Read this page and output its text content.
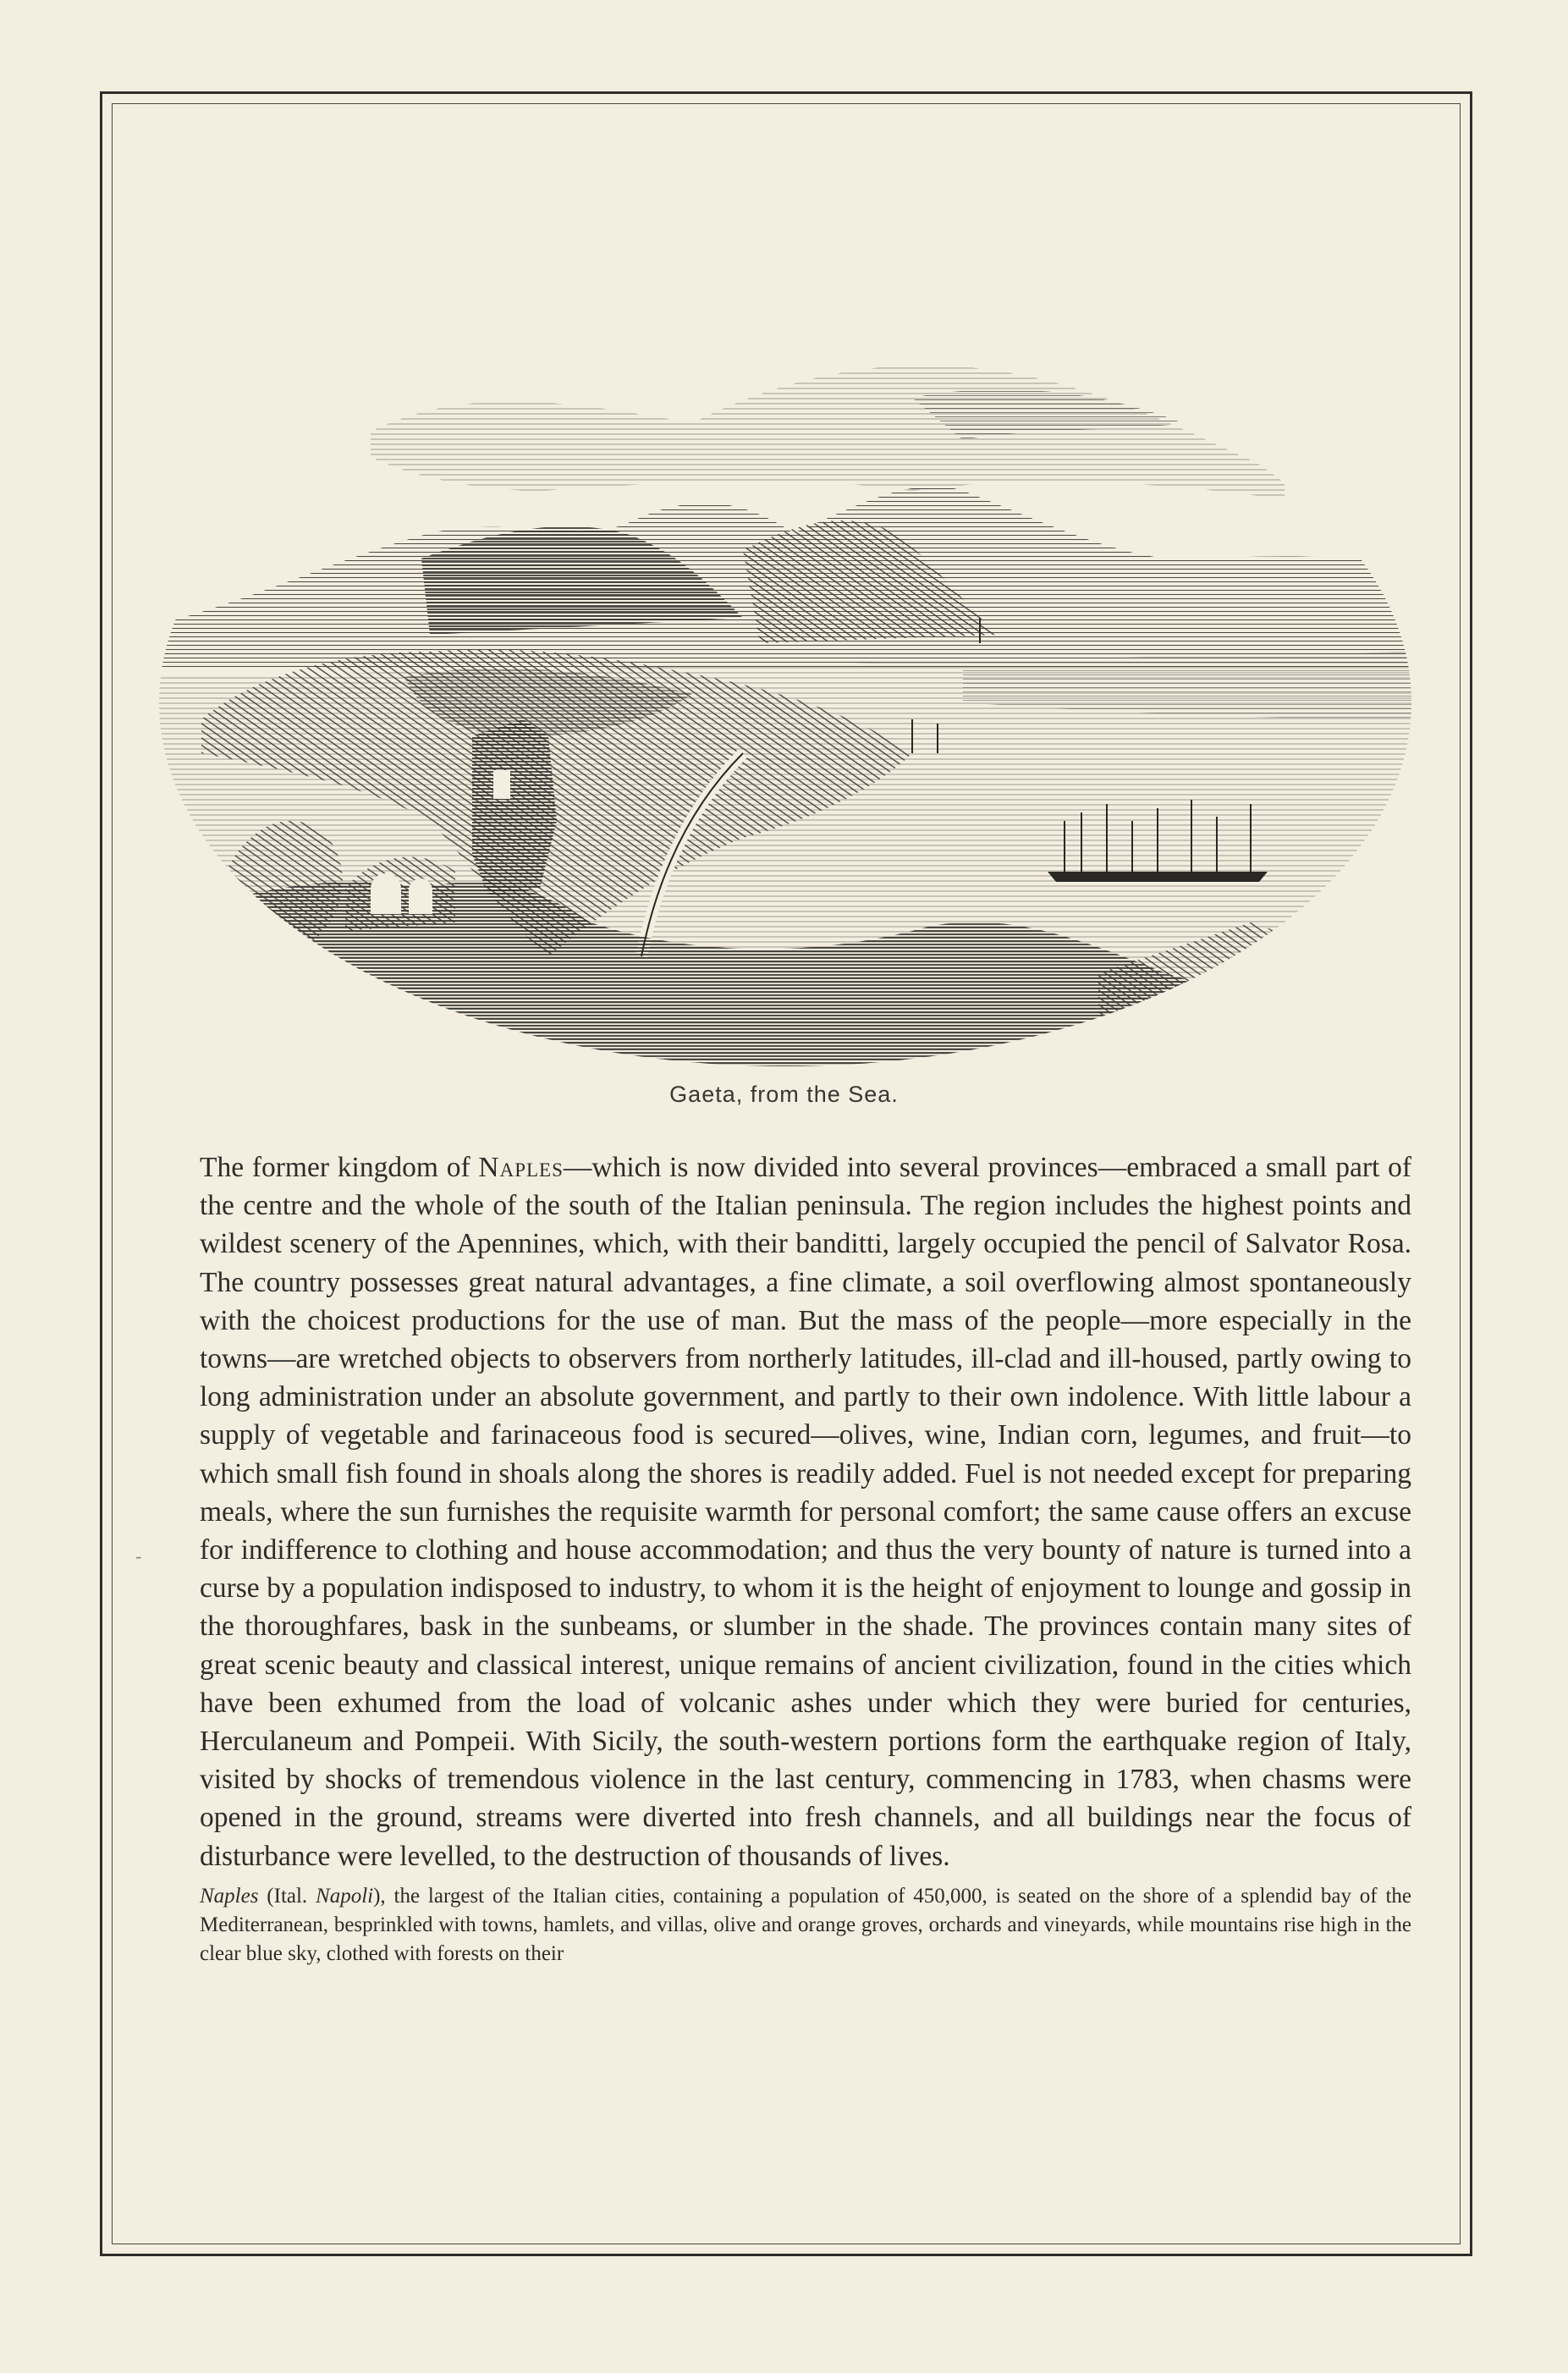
Gaeta, from the Sea.
The former kingdom of Naples—which is now divided into several provinces—embraced a small part of the centre and the whole of the south of the Italian peninsula. The region includes the highest points and wildest scenery of the Apennines, which, with their banditti, largely occupied the pencil of Salvator Rosa. The country possesses great natural advantages, a fine climate, a soil overflowing almost spontaneously with the choicest productions for the use of man. But the mass of the people—more especially in the towns—are wretched objects to observers from northerly latitudes, ill-clad and ill-housed, partly owing to long administration under an absolute government, and partly to their own indolence. With little labour a supply of vegetable and farinaceous food is secured—olives, wine, Indian corn, legumes, and fruit—to which small fish found in shoals along the shores is readily added. Fuel is not needed except for preparing meals, where the sun furnishes the requisite warmth for personal comfort; the same cause offers an excuse for indifference to clothing and house accommodation; and thus the very bounty of nature is turned into a curse by a population indisposed to industry, to whom it is the height of enjoyment to lounge and gossip in the thoroughfares, bask in the sunbeams, or slumber in the shade. The provinces contain many sites of great scenic beauty and classical interest, unique remains of ancient civilization, found in the cities which have been exhumed from the load of volcanic ashes under which they were buried for centuries, Herculaneum and Pompeii. With Sicily, the south-western portions form the earthquake region of Italy, visited by shocks of tremendous violence in the last century, commencing in 1783, when chasms were opened in the ground, streams were diverted into fresh channels, and all buildings near the focus of disturbance were levelled, to the destruction of thousands of lives.
-
Naples (Ital. Napoli), the largest of the Italian cities, containing a population of 450,000, is seated on the shore of a splendid bay of the Mediterranean, besprinkled with towns, hamlets, and villas, olive and orange groves, orchards and vineyards, while mountains rise high in the clear blue sky, clothed with forests on their
